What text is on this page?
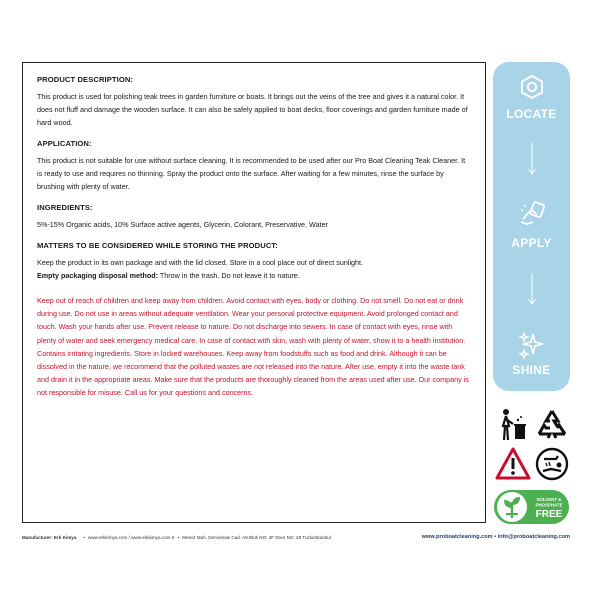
PRODUCT DESCRIPTION:

This product is used for polishing teak trees in garden furniture or boats. It brings out the veins of the tree and gives it a natural color. It does not fluff and damage the wooden surface. It can also be safely applied to boat decks, floor coverings and garden furniture made of hard wood.

APPLICATION:

This product is not suitable for use without surface cleaning. It is recommended to be used after our Pro Boat Cleaning Teak Cleaner. It is ready to use and requires no thinning. Spray the product onto the surface. After waiting for a few minutes, rinse the surface by brushing with plenty of water.

INGREDIENTS:

5%-15% Organic acids, 10% Surface active agents, Glycerin, Colorant, Preservative, Water

MATTERS TO BE CONSIDERED WHILE STORING THE PRODUCT:

Keep the product in its own package and with the lid closed. Store in a cool place out of direct sunlight.

Empty packaging disposal method: Throw in the trash. Do not leave it to nature.

Keep out of reach of children and keep away from children. Avoid contact with eyes, body or clothing. Do not smell. Do not eat or drink during use. Do not use in areas without adequate ventilation. Wear your personal protective equipment. Avoid prolonged contact and touch. Wash your hands after use. Prevent release to nature. Do not discharge into sewers. In case of contact with eyes, rinse with plenty of water and seek emergency medical care. In case of contact with skin, wash with plenty of water, show it to a health institution. Contains irritating ingredients. Store in locked warehouses. Keep away from foodstuffs such as food and drink. Although it can be dissolved in the nature, we recommend that the polluted wastes are not released into the nature. After use, empty it into the waste tank and drain it in the appropriate areas. Make sure that the products are thoroughly cleaned from the areas used after use. Our company is not responsible for misuse. Call us for your questions and concerns.

LOCATE
APPLY
SHINE
SOLVENT &
PHOSPHATE
FREE
Manufacturer: Erk Kimya • www.erkkimya.com / www.erkkimya.com.tr • Mescit Mah. Demokrasi Cad. A6 Blok NO: 3F Door NO: 28 Tuzla/Istanbul	www.proboatcleaning.com • info@proboatcleaning.com
